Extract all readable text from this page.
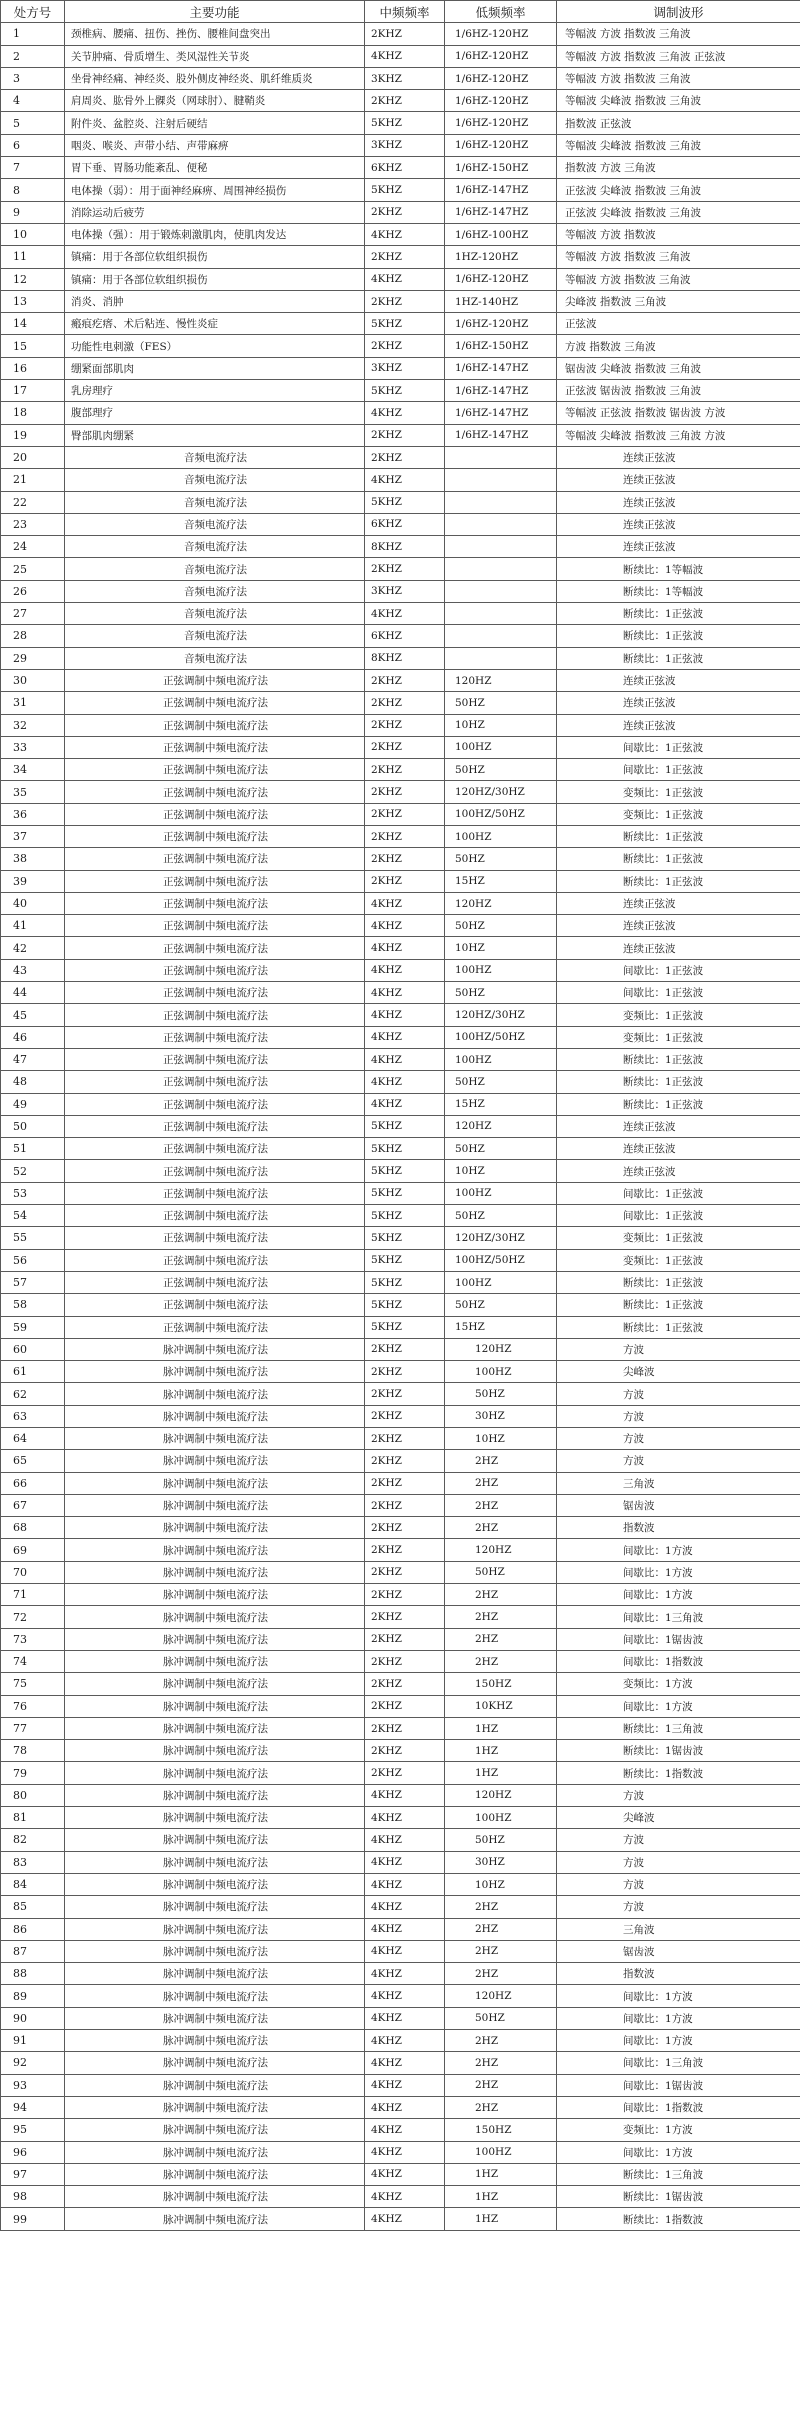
处方号	主要功能	中频频率	低频频率	调制波形
1	颈椎病、腰痛、扭伤、挫伤、腰椎间盘突出	2KHZ	1/6HZ-120HZ	等幅波 方波 指数波 三角波
2	关节肿痛、骨质增生、类风湿性关节炎	4KHZ	1/6HZ-120HZ	等幅波 方波 指数波 三角波 正弦波
3	坐骨神经痛、神经炎、股外侧皮神经炎、肌纤维质炎	3KHZ	1/6HZ-120HZ	等幅波 方波 指数波 三角波
4	肩周炎、肱骨外上髁炎（网球肘）、腱鞘炎	2KHZ	1/6HZ-120HZ	等幅波 尖峰波 指数波 三角波
5	附件炎、盆腔炎、注射后硬结	5KHZ	1/6HZ-120HZ	指数波 正弦波
6	咽炎、喉炎、声带小结、声带麻痹	3KHZ	1/6HZ-120HZ	等幅波 尖峰波 指数波 三角波
7	胃下垂、胃肠功能紊乱、便秘	6KHZ	1/6HZ-150HZ	指数波 方波 三角波
8	电体操（弱）：用于面神经麻痹、周围神经损伤	5KHZ	1/6HZ-147HZ	正弦波 尖峰波 指数波 三角波
9	消除运动后疲劳	2KHZ	1/6HZ-147HZ	正弦波 尖峰波 指数波 三角波
10	电体操（强）：用于锻炼刺激肌肉，使肌肉发达	4KHZ	1/6HZ-100HZ	等幅波 方波 指数波
11	镇痛：用于各部位软组织损伤	2KHZ	1HZ-120HZ	等幅波 方波 指数波 三角波
12	镇痛：用于各部位软组织损伤	4KHZ	1/6HZ-120HZ	等幅波 方波 指数波 三角波
13	消炎、消肿	2KHZ	1HZ-140HZ	尖峰波 指数波 三角波
14	瘢痕疙瘩、术后粘连、慢性炎症	5KHZ	1/6HZ-120HZ	正弦波
15	功能性电刺激（FES）	2KHZ	1/6HZ-150HZ	方波 指数波 三角波
16	绷紧面部肌肉	3KHZ	1/6HZ-147HZ	锯齿波 尖峰波 指数波 三角波
17	乳房理疗	5KHZ	1/6HZ-147HZ	正弦波 锯齿波 指数波 三角波
18	腹部理疗	4KHZ	1/6HZ-147HZ	等幅波 正弦波 指数波 锯齿波 方波
19	臀部肌肉绷紧	2KHZ	1/6HZ-147HZ	等幅波 尖峰波 指数波 三角波 方波
20	音频电流疗法	2KHZ		连续正弦波
21	音频电流疗法	4KHZ		连续正弦波
22	音频电流疗法	5KHZ		连续正弦波
23	音频电流疗法	6KHZ		连续正弦波
24	音频电流疗法	8KHZ		连续正弦波
25	音频电流疗法	2KHZ		断续比：1等幅波
26	音频电流疗法	3KHZ		断续比：1等幅波
27	音频电流疗法	4KHZ		断续比：1正弦波
28	音频电流疗法	6KHZ		断续比：1正弦波
29	音频电流疗法	8KHZ		断续比：1正弦波
30	正弦调制中频电流疗法	2KHZ	120HZ	连续正弦波
31	正弦调制中频电流疗法	2KHZ	50HZ	连续正弦波
32	正弦调制中频电流疗法	2KHZ	10HZ	连续正弦波
33	正弦调制中频电流疗法	2KHZ	100HZ	间歇比：1正弦波
34	正弦调制中频电流疗法	2KHZ	50HZ	间歇比：1正弦波
35	正弦调制中频电流疗法	2KHZ	120HZ/30HZ	变频比：1正弦波
36	正弦调制中频电流疗法	2KHZ	100HZ/50HZ	变频比：1正弦波
37	正弦调制中频电流疗法	2KHZ	100HZ	断续比：1正弦波
38	正弦调制中频电流疗法	2KHZ	50HZ	断续比：1正弦波
39	正弦调制中频电流疗法	2KHZ	15HZ	断续比：1正弦波
40	正弦调制中频电流疗法	4KHZ	120HZ	连续正弦波
41	正弦调制中频电流疗法	4KHZ	50HZ	连续正弦波
42	正弦调制中频电流疗法	4KHZ	10HZ	连续正弦波
43	正弦调制中频电流疗法	4KHZ	100HZ	间歇比：1正弦波
44	正弦调制中频电流疗法	4KHZ	50HZ	间歇比：1正弦波
45	正弦调制中频电流疗法	4KHZ	120HZ/30HZ	变频比：1正弦波
46	正弦调制中频电流疗法	4KHZ	100HZ/50HZ	变频比：1正弦波
47	正弦调制中频电流疗法	4KHZ	100HZ	断续比：1正弦波
48	正弦调制中频电流疗法	4KHZ	50HZ	断续比：1正弦波
49	正弦调制中频电流疗法	4KHZ	15HZ	断续比：1正弦波
50	正弦调制中频电流疗法	5KHZ	120HZ	连续正弦波
51	正弦调制中频电流疗法	5KHZ	50HZ	连续正弦波
52	正弦调制中频电流疗法	5KHZ	10HZ	连续正弦波
53	正弦调制中频电流疗法	5KHZ	100HZ	间歇比：1正弦波
54	正弦调制中频电流疗法	5KHZ	50HZ	间歇比：1正弦波
55	正弦调制中频电流疗法	5KHZ	120HZ/30HZ	变频比：1正弦波
56	正弦调制中频电流疗法	5KHZ	100HZ/50HZ	变频比：1正弦波
57	正弦调制中频电流疗法	5KHZ	100HZ	断续比：1正弦波
58	正弦调制中频电流疗法	5KHZ	50HZ	断续比：1正弦波
59	正弦调制中频电流疗法	5KHZ	15HZ	断续比：1正弦波
60	脉冲调制中频电流疗法	2KHZ	120HZ	方波
61	脉冲调制中频电流疗法	2KHZ	100HZ	尖峰波
62	脉冲调制中频电流疗法	2KHZ	50HZ	方波
63	脉冲调制中频电流疗法	2KHZ	30HZ	方波
64	脉冲调制中频电流疗法	2KHZ	10HZ	方波
65	脉冲调制中频电流疗法	2KHZ	2HZ	方波
66	脉冲调制中频电流疗法	2KHZ	2HZ	三角波
67	脉冲调制中频电流疗法	2KHZ	2HZ	锯齿波
68	脉冲调制中频电流疗法	2KHZ	2HZ	指数波
69	脉冲调制中频电流疗法	2KHZ	120HZ	间歇比：1方波
70	脉冲调制中频电流疗法	2KHZ	50HZ	间歇比：1方波
71	脉冲调制中频电流疗法	2KHZ	2HZ	间歇比：1方波
72	脉冲调制中频电流疗法	2KHZ	2HZ	间歇比：1三角波
73	脉冲调制中频电流疗法	2KHZ	2HZ	间歇比：1锯齿波
74	脉冲调制中频电流疗法	2KHZ	2HZ	间歇比：1指数波
75	脉冲调制中频电流疗法	2KHZ	150HZ	变频比：1方波
76	脉冲调制中频电流疗法	2KHZ	10KHZ	间歇比：1方波
77	脉冲调制中频电流疗法	2KHZ	1HZ	断续比：1三角波
78	脉冲调制中频电流疗法	2KHZ	1HZ	断续比：1锯齿波
79	脉冲调制中频电流疗法	2KHZ	1HZ	断续比：1指数波
80	脉冲调制中频电流疗法	4KHZ	120HZ	方波
81	脉冲调制中频电流疗法	4KHZ	100HZ	尖峰波
82	脉冲调制中频电流疗法	4KHZ	50HZ	方波
83	脉冲调制中频电流疗法	4KHZ	30HZ	方波
84	脉冲调制中频电流疗法	4KHZ	10HZ	方波
85	脉冲调制中频电流疗法	4KHZ	2HZ	方波
86	脉冲调制中频电流疗法	4KHZ	2HZ	三角波
87	脉冲调制中频电流疗法	4KHZ	2HZ	锯齿波
88	脉冲调制中频电流疗法	4KHZ	2HZ	指数波
89	脉冲调制中频电流疗法	4KHZ	120HZ	间歇比：1方波
90	脉冲调制中频电流疗法	4KHZ	50HZ	间歇比：1方波
91	脉冲调制中频电流疗法	4KHZ	2HZ	间歇比：1方波
92	脉冲调制中频电流疗法	4KHZ	2HZ	间歇比：1三角波
93	脉冲调制中频电流疗法	4KHZ	2HZ	间歇比：1锯齿波
94	脉冲调制中频电流疗法	4KHZ	2HZ	间歇比：1指数波
95	脉冲调制中频电流疗法	4KHZ	150HZ	变频比：1方波
96	脉冲调制中频电流疗法	4KHZ	100HZ	间歇比：1方波
97	脉冲调制中频电流疗法	4KHZ	1HZ	断续比：1三角波
98	脉冲调制中频电流疗法	4KHZ	1HZ	断续比：1锯齿波
99	脉冲调制中频电流疗法	4KHZ	1HZ	断续比：1指数波
